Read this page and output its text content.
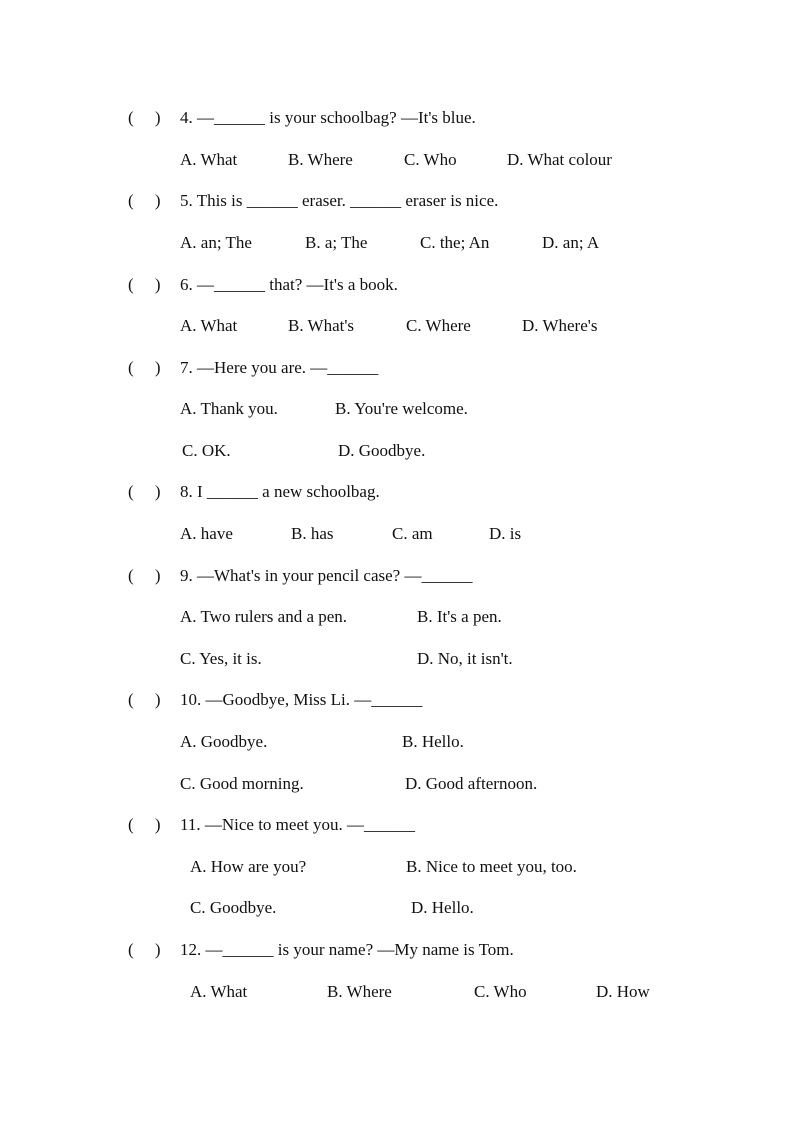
(     ) 4. —______ is your schoolbag? —It's blue.
A. What	B. Where	C. Who	D. What colour
(     ) 5. This is ______ eraser. ______ eraser is nice.
A. an; The	B. a; The	C. the; An	D. an; A
(     ) 6. —______ that? —It's a book.
A. What	B. What's	C. Where	D. Where's
(     ) 7. —Here you are. —______
A. Thank you.	B. You're welcome.
C. OK.	D. Goodbye.
(     ) 8. I ______ a new schoolbag.
A. have	B. has	C. am	D. is
(     ) 9. —What's in your pencil case? —______
A. Two rulers and a pen.	B. It's a pen.
C. Yes, it is.	D. No, it isn't.
(     ) 10. —Goodbye, Miss Li. —______
A. Goodbye.	B. Hello.
C. Good morning.	D. Good afternoon.
(     ) 11. —Nice to meet you. —______
A. How are you?	B. Nice to meet you, too.
C. Goodbye.	D. Hello.
(     ) 12. —______ is your name? —My name is Tom.
A. What	B. Where	C. Who	D. How
